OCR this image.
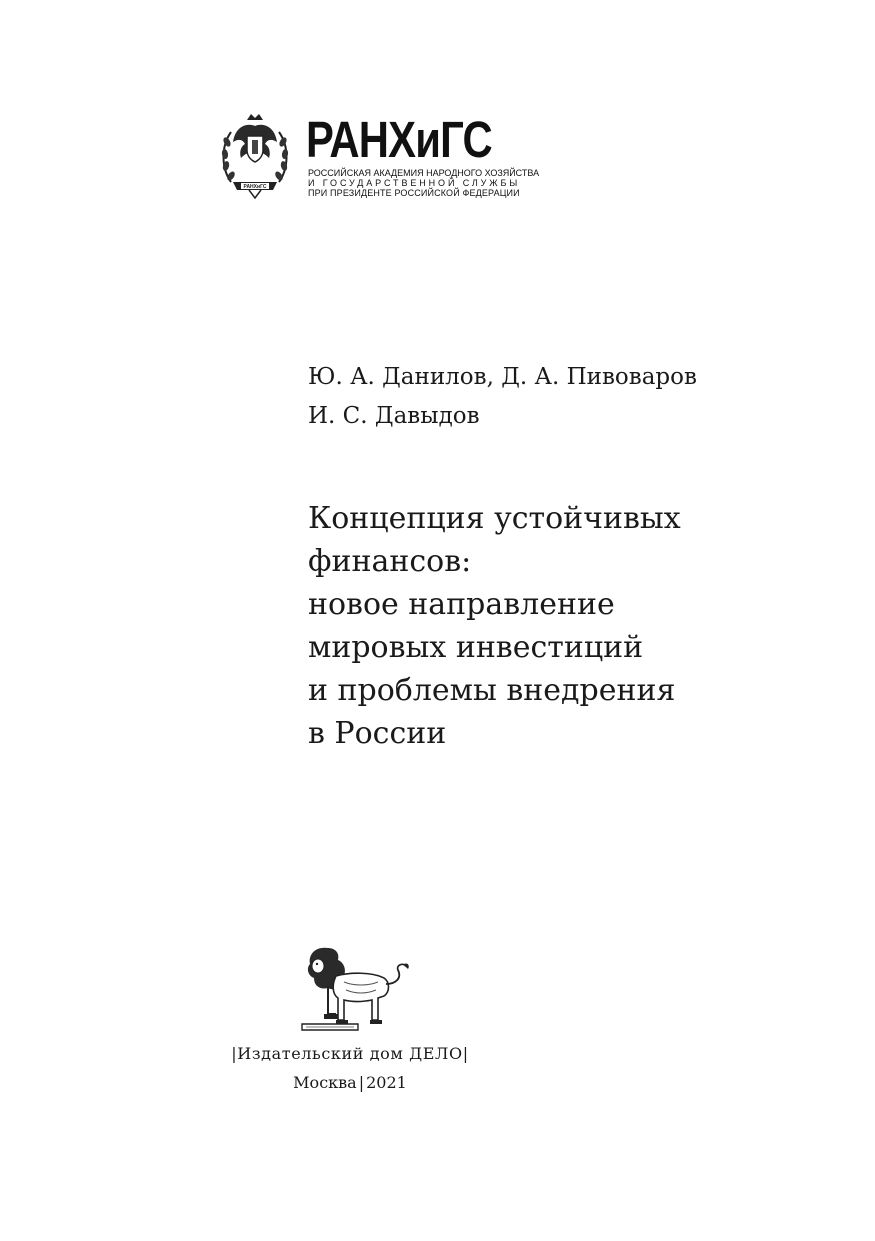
РАНХиГС
РАНХиГС
РОССИЙСКАЯ АКАДЕМИЯ НАРОДНОГО ХОЗЯЙСТВА
И ГОСУДАРСТВЕННОЙ СЛУЖБЫ
ПРИ ПРЕЗИДЕНТЕ РОССИЙСКОЙ ФЕДЕРАЦИИ
Ю. А. Данилов, Д. А. Пивоваров
И. С. Давыдов
Концепция устойчивых
финансов:
новое направление
мировых инвестиций
и проблемы внедрения
в России
|Издательский дом ДЕЛО|
Москва | 2021
